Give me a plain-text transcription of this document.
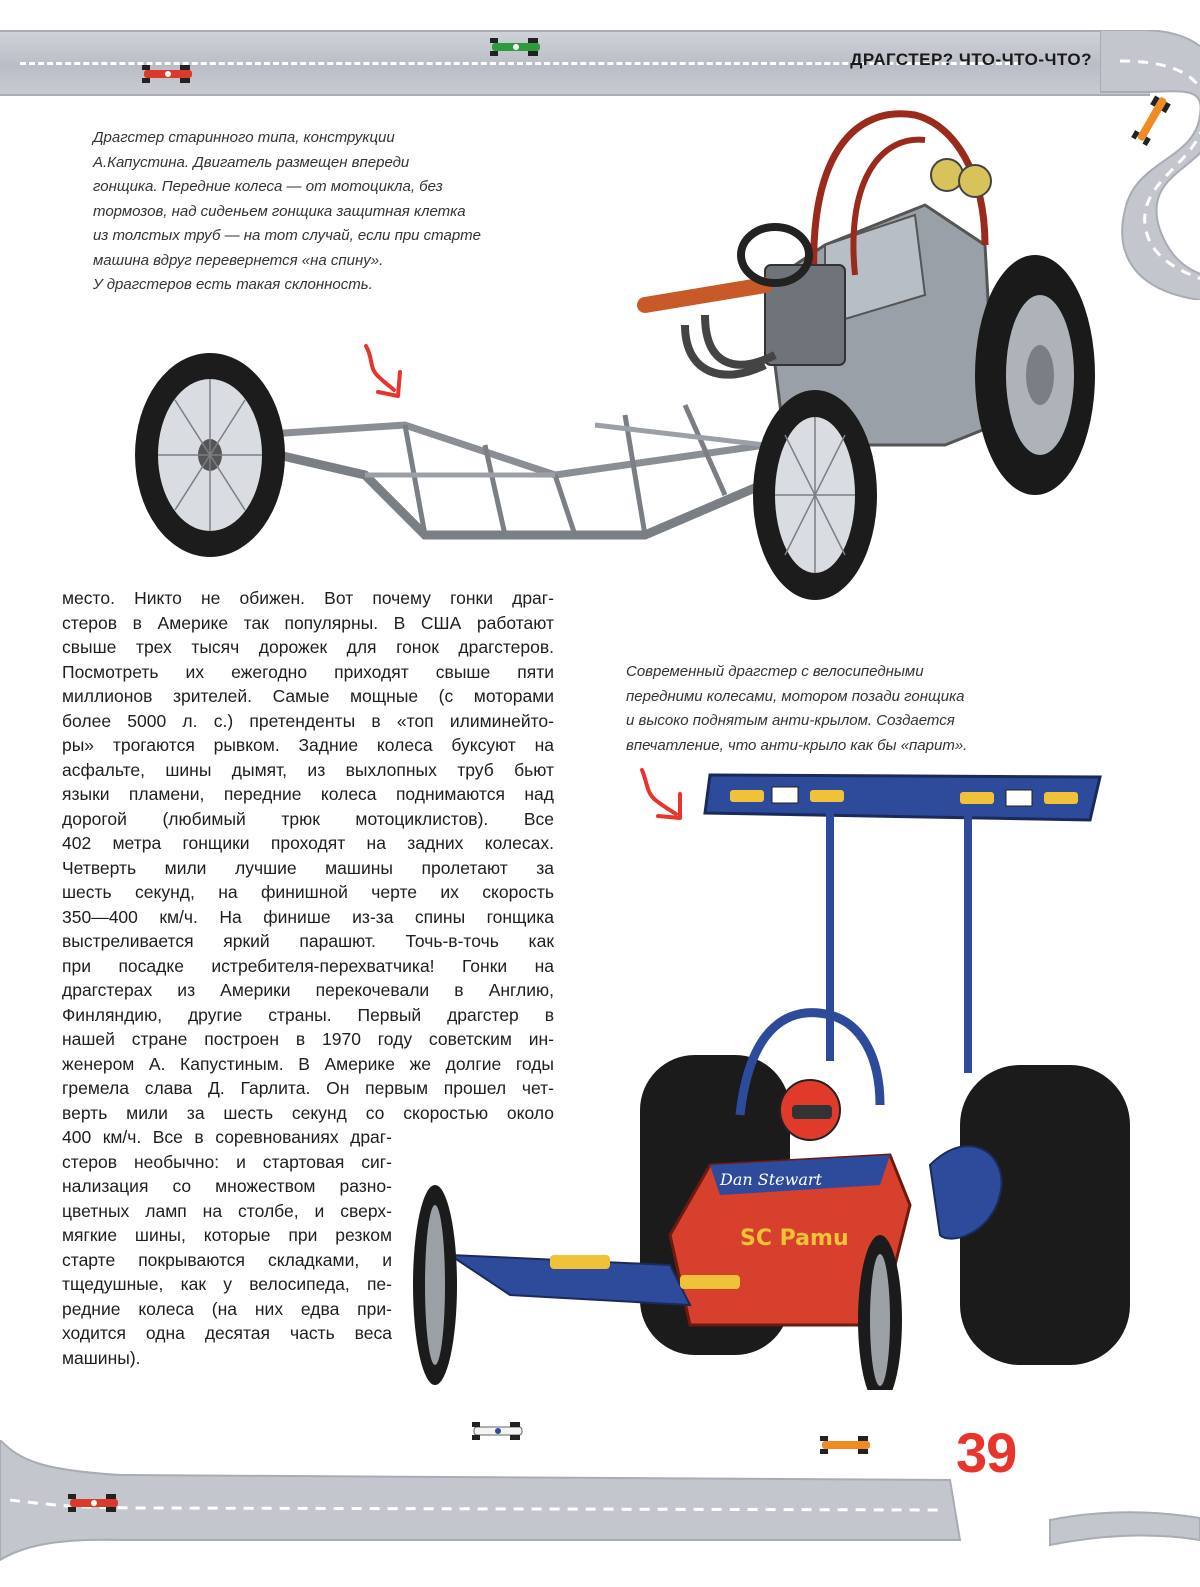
ДРАГСТЕР? ЧТО-ЧТО-ЧТО?
Драгстер старинного типа, конструкции
А.Капустина. Двигатель размещен впереди
гонщика. Передние колеса — от мотоцикла, без
тормозов, над сиденьем гонщика защитная клетка
из толстых труб — на тот случай, если при старте
машина вдруг перевернется «на спину».
У драгстеров есть такая склонность.
место. Никто не обижен. Вот почему гонки драг-
стеров в Америке так популярны. В США работают
свыше трех тысяч дорожек для гонок драгстеров.
Посмотреть их ежегодно приходят свыше пяти
миллионов зрителей. Самые мощные (с моторами
более 5000 л. с.) претенденты в «топ илиминейто-
ры» трогаются рывком. Задние колеса буксуют на
асфальте, шины дымят, из выхлопных труб бьют
языки пламени, передние колеса поднимаются над
дорогой (любимый трюк мотоциклистов). Все
402 метра гонщики проходят на задних колесах.
Четверть мили лучшие машины пролетают за
шесть секунд, на финишной черте их скорость
350—400 км/ч. На финише из-за спины гонщика
выстреливается яркий парашют. Точь-в-точь как
при посадке истребителя-перехватчика! Гонки на
драгстерах из Америки перекочевали в Англию,
Финляндию, другие страны. Первый драгстер в
нашей стране построен в 1970 году советским ин-
женером А. Капустиным. В Америке же долгие годы
гремела слава Д. Гарлита. Он первым прошел чет-
верть мили за шесть секунд со скоростью около
400 км/ч. Все в соревнованиях драг-
стеров необычно: и стартовая сиг-
нализация со множеством разно-
цветных ламп на столбе, и сверх-
мягкие шины, которые при резком
старте покрываются складками, и
тщедушные, как у велосипеда, пе-
редние колеса (на них едва при-
ходится одна десятая часть веса
машины).
Современный драгстер с велосипедными
передними колесами, мотором позади гонщика
и высоко поднятым анти-крылом. Создается
впечатление, что анти-крыло как бы «парит».
SC Pamu
Dan Stewart
39
